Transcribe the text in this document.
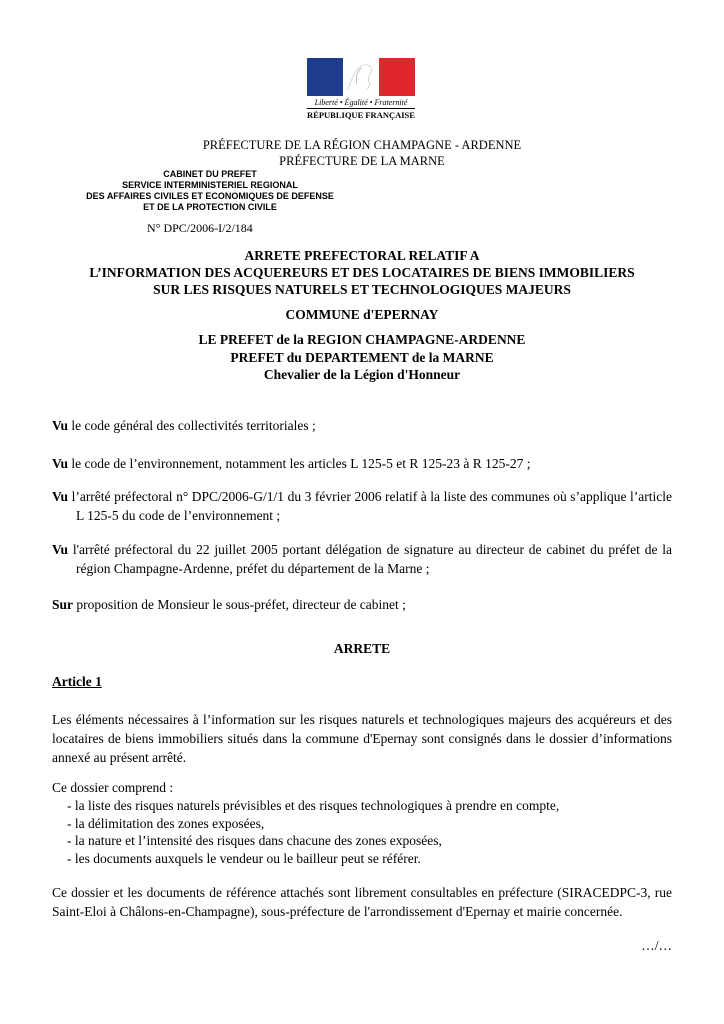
Liberté • Égalité • Fraternité
RÉPUBLIQUE FRANÇAISE
PRÉFECTURE DE LA RÉGION CHAMPAGNE - ARDENNE
PRÉFECTURE DE LA MARNE
CABINET DU PREFET
SERVICE INTERMINISTERIEL REGIONAL
DES AFFAIRES CIVILES ET ECONOMIQUES DE DEFENSE
ET DE LA PROTECTION CIVILE
N° DPC/2006-I/2/184
ARRETE PREFECTORAL RELATIF A
L’INFORMATION DES ACQUEREURS ET DES LOCATAIRES DE BIENS IMMOBILIERS
SUR LES RISQUES NATURELS ET TECHNOLOGIQUES MAJEURS
COMMUNE d'EPERNAY
LE PREFET de la REGION CHAMPAGNE-ARDENNE
PREFET du DEPARTEMENT de la MARNE
Chevalier de la Légion d'Honneur
Vu le code général des collectivités territoriales ;
Vu le code de l’environnement, notamment les articles L 125-5 et R 125-23 à R 125-27 ;
Vu l’arrêté préfectoral n° DPC/2006-G/1/1 du 3 février 2006 relatif à la liste des communes où s’applique l’article L 125-5 du code de l’environnement ;
Vu l'arrêté préfectoral du 22 juillet 2005 portant délégation de signature au directeur de cabinet du préfet de la région Champagne-Ardenne, préfet du département de la Marne ;
Sur proposition de Monsieur le sous-préfet, directeur de cabinet ;
ARRETE
Article 1
Les éléments nécessaires à l’information sur les risques naturels et technologiques majeurs des acquéreurs et des locataires de biens immobiliers situés dans la commune d'Epernay sont consignés dans le dossier d’informations annexé au présent arrêté.
Ce dossier comprend :
- la liste des risques naturels prévisibles et des risques technologiques à prendre en compte,
- la délimitation des zones exposées,
- la nature et l’intensité des risques dans chacune des zones exposées,
- les documents auxquels le vendeur ou le bailleur peut se référer.
Ce dossier et les documents de référence attachés sont librement consultables en préfecture (SIRACEDPC-3, rue Saint-Eloi à Châlons-en-Champagne), sous-préfecture de l'arrondissement d'Epernay et mairie concernée.
…/…
